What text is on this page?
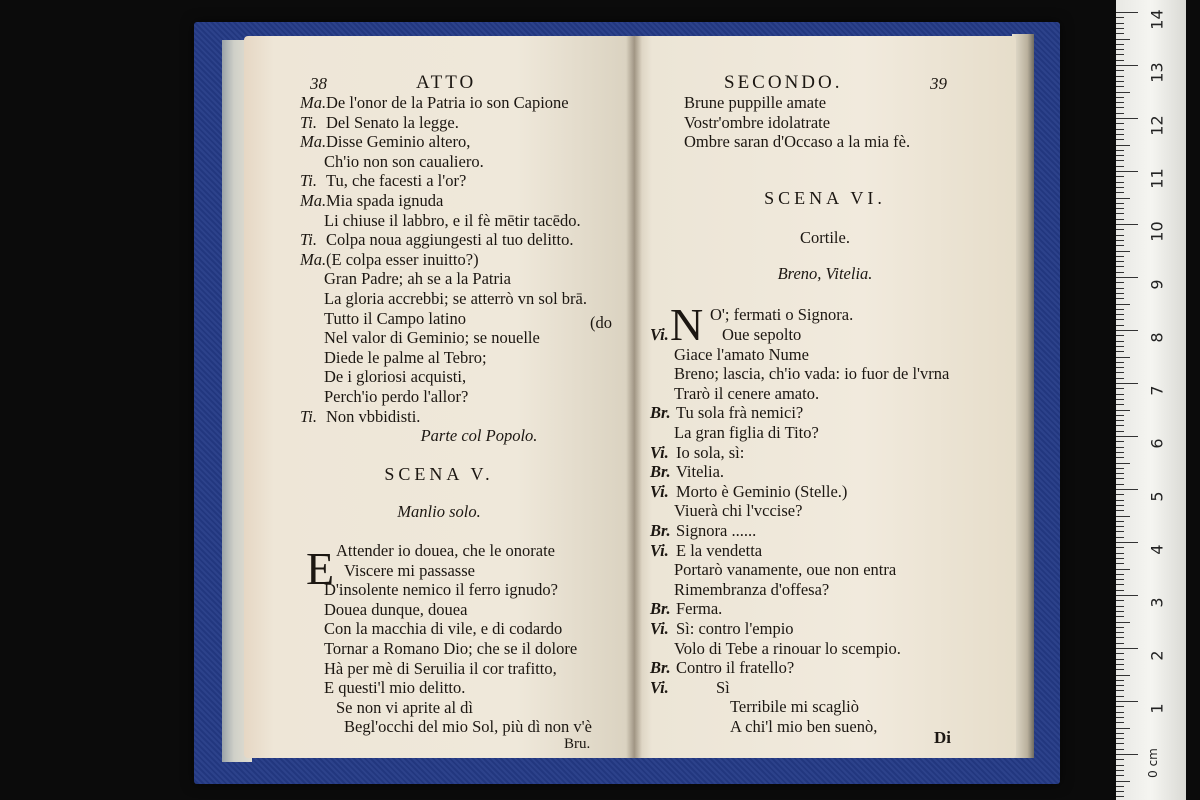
38	ATTO
Ma. De l'onor de la Patria io son Capione
Ti. Del Senato la legge.
Ma. Disse Geminio altero,
Ch'io non son caualiero.
Ti. Tu, che facesti a l'or?
Ma. Mia spada ignuda
Li chiuse il labbro, e il fè mētir tacēdo.
Ti. Colpa noua aggiungesti al tuo delitto.
Ma. (E colpa esser inuitto?)
Gran Padre; ah se a la Patria
La gloria accrebbi; se atterrò vn sol brā.
Tutto il Campo latino
Nel valor di Geminio; se nouelle
Diede le palme al Tebro;
De i gloriosi acquisti,
Perch'io perdo l'allor?
Ti. Non vbbidisti.
(do
Parte col Popolo.
SCENA V.
Manlio solo.
E Attender io douea, che le onorate
Viscere mi passasse
D'insolente nemico il ferro ignudo?
Douea dunque, douea
Con la macchia di vile, e di codardo
Tornar a Romano Dio; che se il dolore
Hà per mè di Seruilia il cor trafitto,
E questi'l mio delitto.
Se non vi aprite al dì
Begl'occhi del mio Sol, più dì non v'è
Bru.
SECONDO.	39
Brune puppille amate
Vostr'ombre idolatrate
Ombre saran d'Occaso a la mia fè.
SCENA VI.
Cortile.
Breno, Vitelia.
N O'; fermati o Signora.
Vi.	Oue sepolto
Giace l'amato Nume
Breno; lascia, ch'io vada: io fuor de l'vrna
Trarò il cenere amato.
Br. Tu sola frà nemici?
La gran figlia di Tito?
Vi. Io sola, sì:
Br. Vitelia.
Vi. Morto è Geminio (Stelle.)
Viuerà chi l'vccise?
Br. Signora ......
Vi. E la vendetta
Portarò vanamente, oue non entra
Rimembranza d'offesa?
Br. Ferma.
Vi. Sì: contro l'empio
Volo di Tebe a rinouar lo scempio.
Br. Contro il fratello?
Vi.	Sì
Terribile mi scagliò
A chi'l mio ben suenò,
Di
0 cm
14
13
12
11
10
9
8
7
6
5
4
3
2
1
